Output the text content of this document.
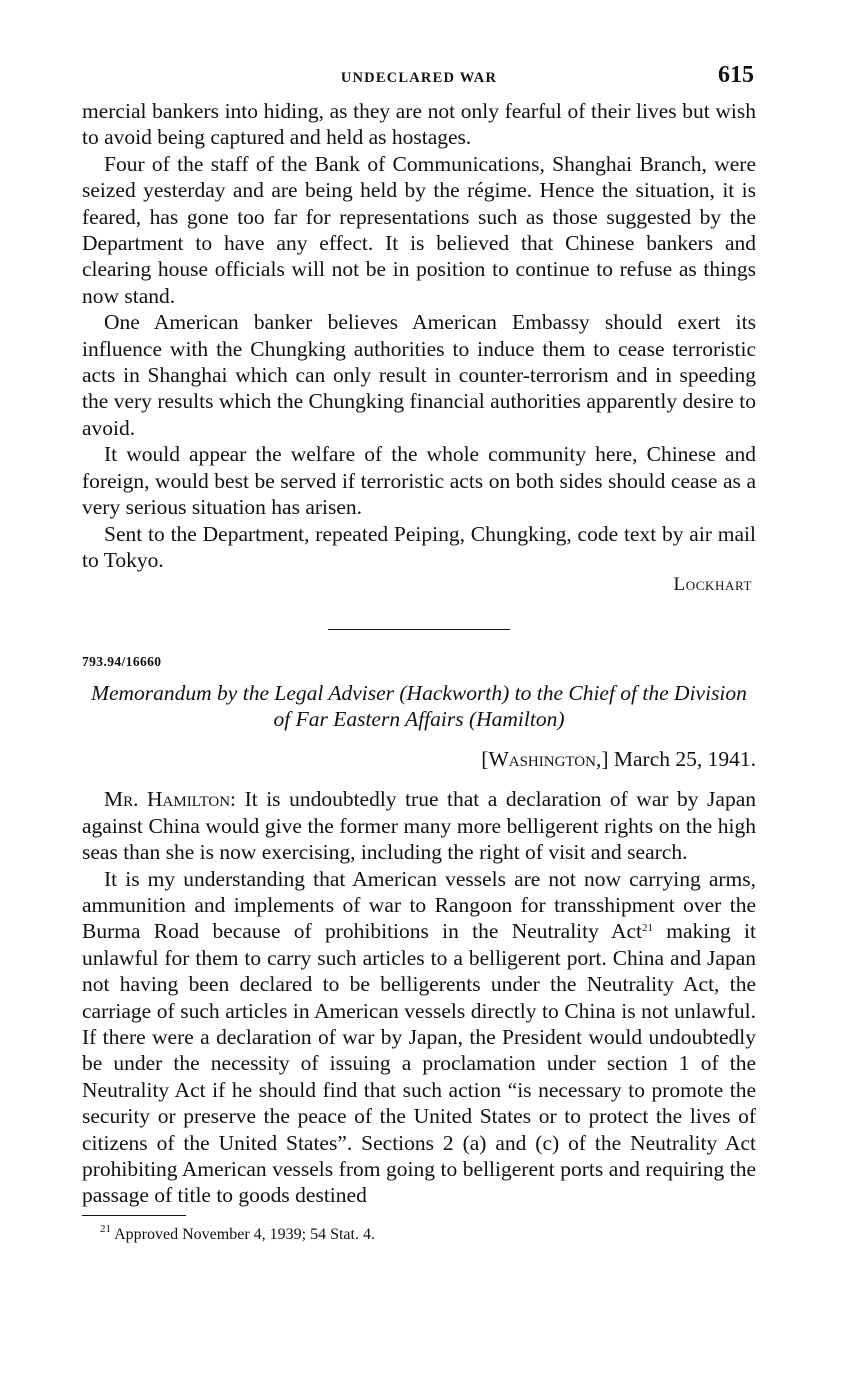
UNDECLARED WAR	615

mercial bankers into hiding, as they are not only fearful of their lives but wish to avoid being captured and held as hostages.

Four of the staff of the Bank of Communications, Shanghai Branch, were seized yesterday and are being held by the régime. Hence the situation, it is feared, has gone too far for representations such as those suggested by the Department to have any effect. It is believed that Chinese bankers and clearing house officials will not be in position to continue to refuse as things now stand.

One American banker believes American Embassy should exert its influence with the Chungking authorities to induce them to cease terroristic acts in Shanghai which can only result in counter-terrorism and in speeding the very results which the Chungking financial authorities apparently desire to avoid.

It would appear the welfare of the whole community here, Chinese and foreign, would best be served if terroristic acts on both sides should cease as a very serious situation has arisen.

Sent to the Department, repeated Peiping, Chungking, code text by air mail to Tokyo.

Lockhart
793.94/16660
Memorandum by the Legal Adviser (Hackworth) to the Chief of the Division of Far Eastern Affairs (Hamilton)
[Washington,] March 25, 1941.

Mr. Hamilton: It is undoubtedly true that a declaration of war by Japan against China would give the former many more belligerent rights on the high seas than she is now exercising, including the right of visit and search.

It is my understanding that American vessels are not now carrying arms, ammunition and implements of war to Rangoon for transshipment over the Burma Road because of prohibitions in the Neutrality Act$^{21}$ making it unlawful for them to carry such articles to a belligerent port. China and Japan not having been declared to be belligerents under the Neutrality Act, the carriage of such articles in American vessels directly to China is not unlawful. If there were a declaration of war by Japan, the President would undoubtedly be under the necessity of issuing a proclamation under section 1 of the Neutrality Act if he should find that such action “is necessary to promote the security or preserve the peace of the United States or to protect the lives of citizens of the United States”. Sections 2 (a) and (c) of the Neutrality Act prohibiting American vessels from going to belligerent ports and requiring the passage of title to goods destined

$^{21}$ Approved November 4, 1939; 54 Stat. 4.
